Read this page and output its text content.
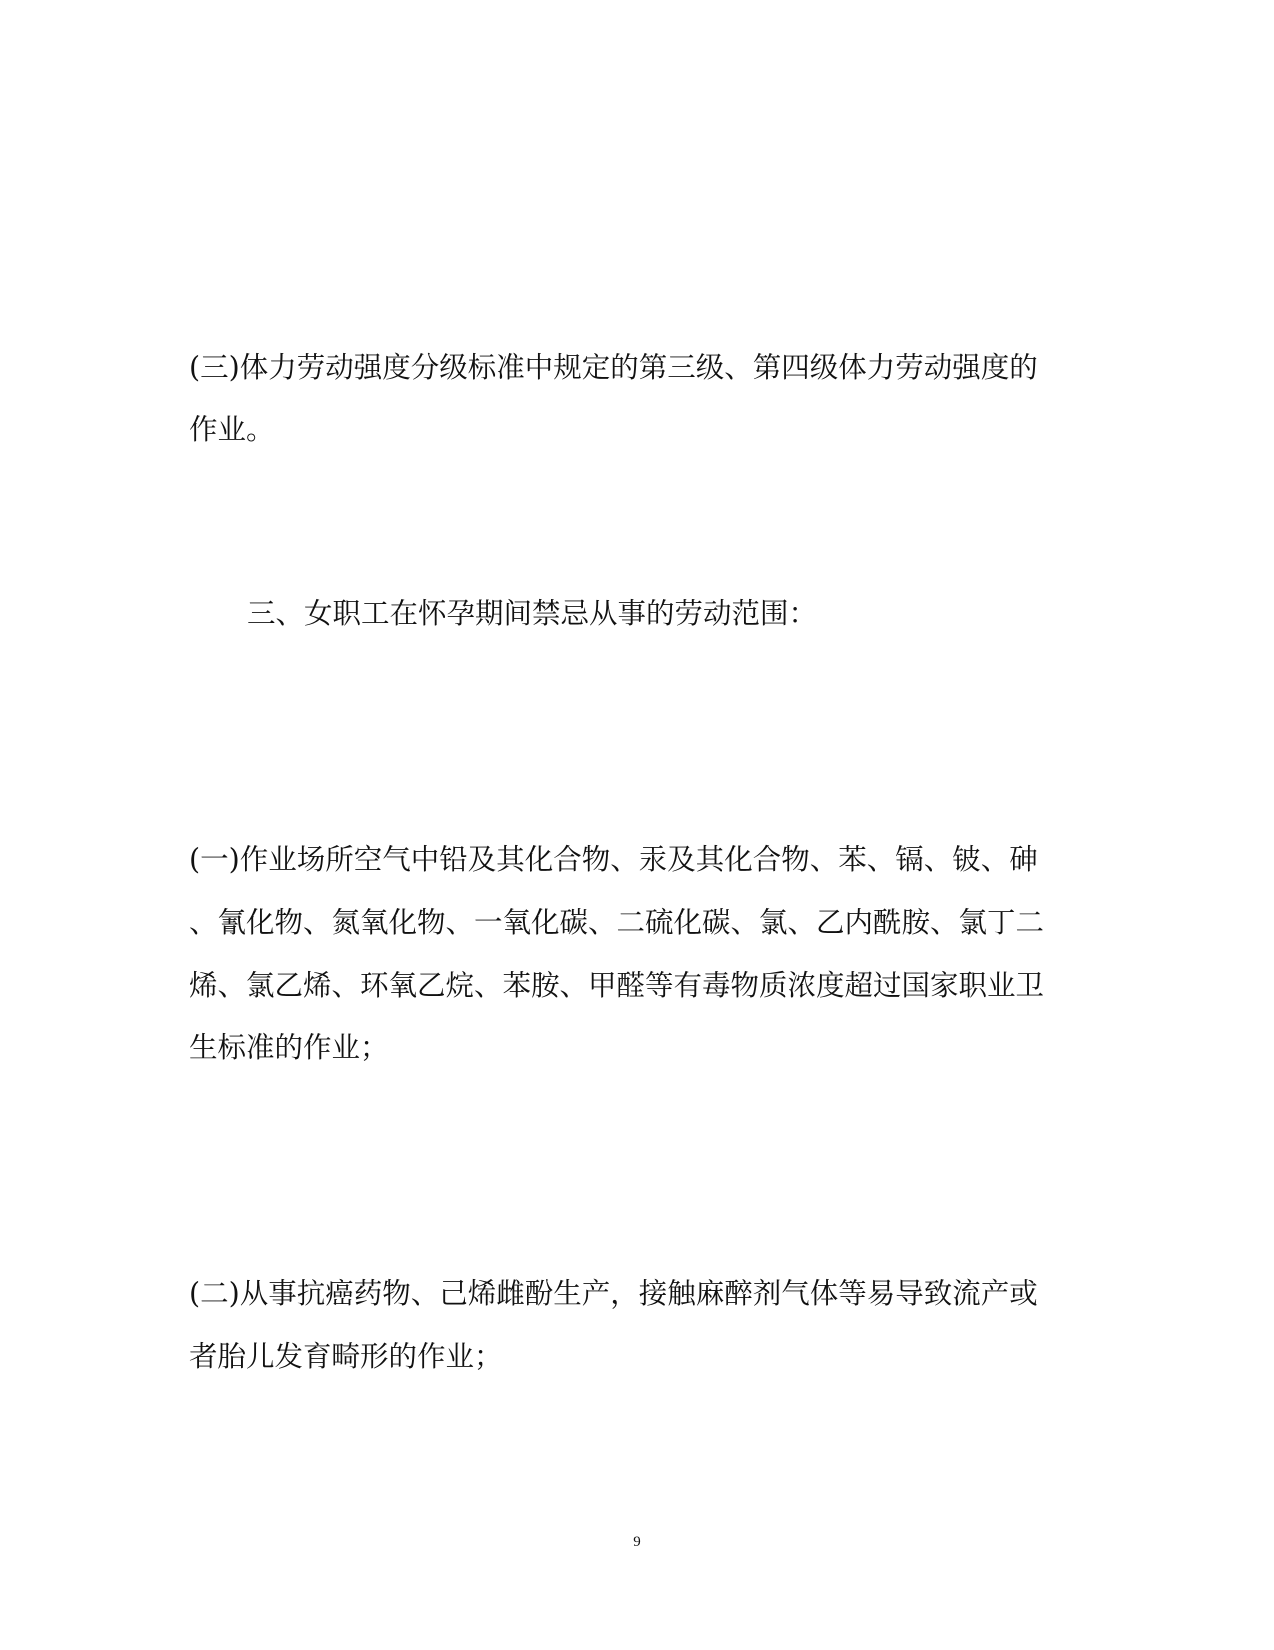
(三)体力劳动强度分级标准中规定的第三级、第四级体力劳动强度的
作业。
三、女职工在怀孕期间禁忌从事的劳动范围：
(一)作业场所空气中铅及其化合物、汞及其化合物、苯、镉、铍、砷
、氰化物、氮氧化物、一氧化碳、二硫化碳、氯、乙内酰胺、氯丁二
烯、氯乙烯、环氧乙烷、苯胺、甲醛等有毒物质浓度超过国家职业卫
生标准的作业；
(二)从事抗癌药物、己烯雌酚生产，接触麻醉剂气体等易导致流产或
者胎儿发育畸形的作业；
9
